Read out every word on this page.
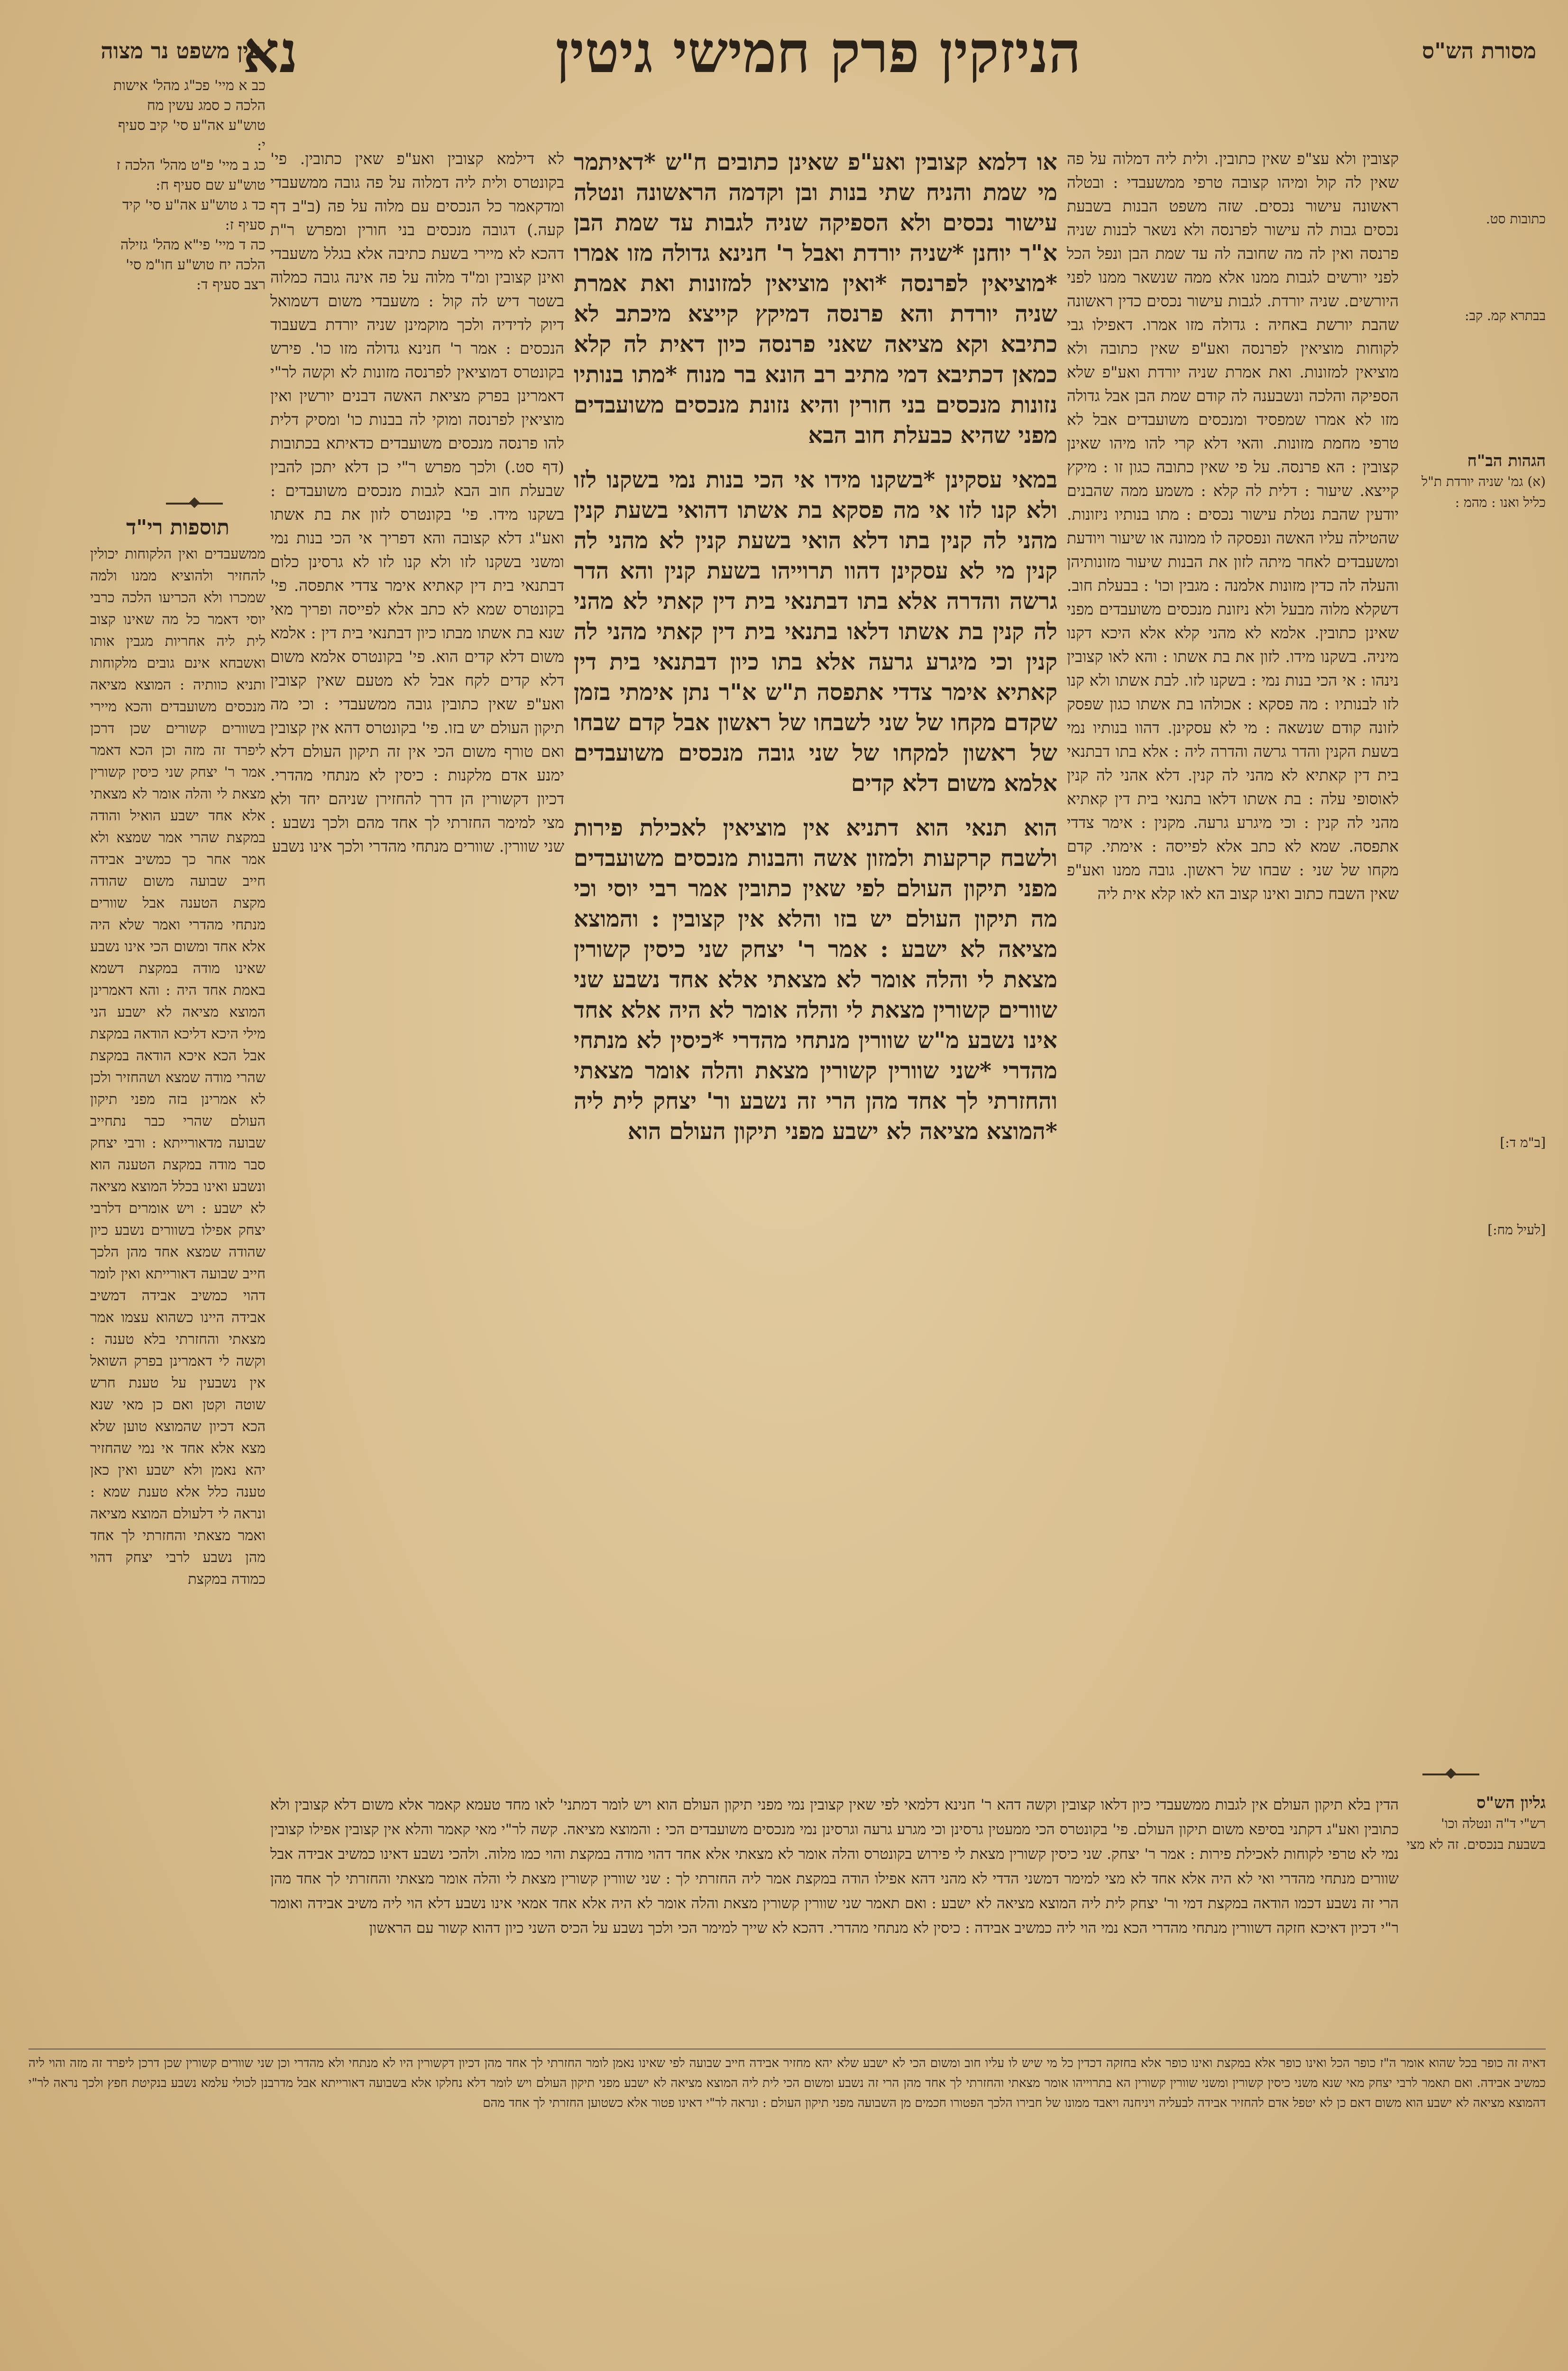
מסורת הש"ס
הניזקין פרק חמישי גיטין
נא
עין משפט נר מצוה
קצובין ולא עצ"פ שאין כתובין. ולית ליה דמלוה על פה שאין לה קול ומיהו קצובה טרפי ממשעבדי : ובטלה ראשונה עישור נכסים. שזה משפט הבנות בשבעת נכסים גבות לה עישור לפרנסה ולא נשאר לבנות שניה פרנסה ואין לה מה שחובה לה עד שמת הבן ונפל הכל לפני יורשים לגבות ממנו אלא ממה שנשאר ממנו לפני היורשים. שניה יורדת. לגבות עישור נכסים כדין ראשונה שהבת יורשת באחיה : גדולה מזו אמרו. דאפילו גבי לקוחות מוציאין לפרנסה ואע"פ שאין כתובה ולא מוציאין למזונות. ואת אמרת שניה יורדת ואע"פ שלא הספיקה והלכה ונשבענה לה קודם שמת הבן אבל גדולה מזו לא אמרו שמפסיד ומנכסים משועבדים אבל לא טרפי מחמת מזונות. והאי דלא קרי להו מיהו שאינן קצובין : הא פרנסה. על פי שאין כתובה כגון זו : מיקץ קייצא. שיעור : דלית לה קלא : משמע ממה שהבנים יודעין שהבת נטלת עישור נכסים : מתו בנותיו ניזונות. שהטילה עליו האשה ונפסקה לו ממונה או שיעור ויודעת ומשעבדים לאחר מיתה לזון את הבנות שיעור מזונותיהן והעלה לה כדין מזונות אלמנה : מגבין וכו' : בבעלת חוב. דשקלא מלוה מבעל ולא ניזונת מנכסים משועבדים מפני שאינן כתובין. אלמא לא מהני קלא אלא היכא דקנו מיניה. בשקנו מידו. לזון את בת אשתו : והא לאו קצובין נינהו : אי הכי בנות נמי : בשקנו לזו. לבת אשתו ולא קנו לזו לבנותיו : מה פסקא : אכולהו בת אשתו כגון שפסק לזונה קודם שנשאה : מי לא עסקינן. דהוו בנותיו נמי בשעת הקנין והדר גרשה והדרה ליה : אלא בתו דבתנאי בית דין קאתיא לא מהני לה קנין. דלא אהני לה קנין לאוסופי עלה : בת אשתו דלאו בתנאי בית דין קאתיא מהני לה קנין : וכי מיגרע גרעה. מקנין : אימר צדדי אתפסה. שמא לא כתב אלא לפייסה : אימתי. קדם מקחו של שני : שבחו של ראשון. גובה ממנו ואע"פ שאין השבח כתוב ואינו קצוב הא לאו קלא אית ליה
או דלמא קצובין ואע"פ שאינן כתובים ח"ש *דאיתמר מי שמת והניח שתי בנות ובן וקדמה הראשונה ונטלה עישור נכסים ולא הספיקה שניה לגבות עד שמת הבן א"ר יוחנן *שניה יורדת ואבל ר' חנינא גדולה מזו אמרו *מוציאין לפרנסה *ואין מוציאין למזונות ואת אמרת שניה יורדת והא פרנסה דמיקץ קייצא מיכתב לא כתיבא וקא מציאה שאני פרנסה כיון דאית לה קלא כמאן דכתיבא דמי מתיב רב הונא בר מנוח *מתו בנותיו נזונות מנכסים בני חורין והיא נזונת מנכסים משועבדים מפני שהיא כבעלת חוב הבא
במאי עסקינן *בשקנו מידו אי הכי בנות נמי בשקנו לזו ולא קנו לזו אי מה פסקא בת אשתו דהואי בשעת קנין מהני לה קנין בתו דלא הואי בשעת קנין לא מהני לה קנין מי לא עסקינן דהוו תרוייהו בשעת קנין והא הדר גרשה והדרה אלא בתו דבתנאי בית דין קאתי לא מהני לה קנין בת אשתו דלאו בתנאי בית דין קאתי מהני לה קנין וכי מיגרע גרעה אלא בתו כיון דבתנאי בית דין קאתיא אימר צדדי אתפסה ת"ש א"ר נתן אימתי בזמן שקדם מקחו של שני לשבחו של ראשון אבל קדם שבחו של ראשון למקחו של שני גובה מנכסים משועבדים אלמא משום דלא קדים
הוא תנאי הוא דתניא אין מוציאין לאכילת פירות ולשבח קרקעות ולמזון אשה והבנות מנכסים משועבדים מפני תיקון העולם לפי שאין כתובין אמר רבי יוסי וכי מה תיקון העולם יש בזו והלא אין קצובין : והמוצא מציאה לא ישבע : אמר ר' יצחק שני כיסין קשורין מצאת לי והלה אומר לא מצאתי אלא אחד נשבע שני שוורים קשורין מצאת לי והלה אומר לא היה אלא אחד אינו נשבע מ"ש שוורין מנתחי מהדרי *כיסין לא מנתחי מהדרי *שני שוורין קשורין מצאת והלה אומר מצאתי והחזרתי לך אחד מהן הרי זה נשבע ור' יצחק לית ליה *המוצא מציאה לא ישבע מפני תיקון העולם הוא
לא דילמא קצובין ואע"פ שאין כתובין. פי' בקונטרס ולית ליה דמלוה על פה גובה ממשעבדי ומדקאמר כל הנכסים עם מלוה על פה (ב"ב דף קעה.) דגובה מנכסים בני חורין ומפרש ר"ת דהכא לא מיירי בשעת כתיבה אלא בגלל משעבדי ואינן קצובין ומ"ד מלוה על פה אינה גובה כמלוה בשטר דיש לה קול : משעבדי משום דשמואל דיוק לדידיה ולכך מוקמינן שניה יורדת בשעבוד הנכסים : אמר ר' חנינא גדולה מזו כו'. פירש בקונטרס דמוציאין לפרנסה מזונות לא וקשה לר"י דאמרינן בפרק מציאת האשה דבנים יורשין ואין מוציאין לפרנסה ומוקי לה בבנות כו' ומסיק דלית להו פרנסה מנכסים משועבדים כדאיתא בכתובות (דף סט.) ולכך מפרש ר"י כן דלא יתכן להבין שבעלת חוב הבא לגבות מנכסים משועבדים : בשקנו מידו. פי' בקונטרס לזון את בת אשתו ואע"ג דלא קצובה והא דפריך אי הכי בנות נמי ומשני בשקנו לזו ולא קנו לזו לא גרסינן כלום דבתנאי בית דין קאתיא אימר צדדי אתפסה. פי' בקונטרס שמא לא כתב אלא לפייסה ופריך מאי שנא בת אשתו מבתו כיון דבתנאי בית דין : אלמא משום דלא קדים הוא. פי' בקונטרס אלמא משום דלא קדים לקח אבל לא מטעם שאין קצובין ואע"פ שאין כתובין גובה ממשעבדי : וכי מה תיקון העולם יש בזו. פי' בקונטרס דהא אין קצובין ואם טורף משום הכי אין זה תיקון העולם דלא ימנע אדם מלקנות : כיסין לא מנתחי מהדרי. דכיון דקשורין הן דרך להחזירן שניהם יחד ולא מצי למימר החזרתי לך אחד מהם ולכך נשבע : שני שוורין. שוורים מנתחי מהדרי ולכך אינו נשבע
הדין בלא תיקון העולם אין לגבות ממשעבדי כיון דלאו קצובין וקשה דהא ר' חנינא דלמאי לפי שאין קצובין נמי מפני תיקון העולם הוא ויש לומר דמתני' לאו מחד טעמא קאמר אלא משום דלא קצובין ולא כתובין ואע"ג דקתני בסיפא משום תיקון העולם. פי' בקונטרס הכי ממעטין גרסינן וכי מגרע גרעה וגרסינן נמי מנכסים משועבדים הכי : והמוצא מציאה. קשה לר"י מאי קאמר והלא אין קצובין אפילו קצובין נמי לא טרפי לקוחות לאכילת פירות : אמר ר' יצחק. שני כיסין קשורין מצאת לי פירוש בקונטרס והלה אומר לא מצאתי אלא אחד דהוי מודה במקצת והוי כמו מלוה. ולהכי נשבע דאינו כמשיב אבידה אבל שוורים מנתחי מהדרי ואי לא היה אלא אחד לא מצי למימר דמשני הדדי לא מהני דהא אפילו הודה במקצת אמר ליה החזרתי לך : שני שוורין קשורין מצאת לי והלה אומר מצאתי והחזרתי לך אחד מהן הרי זה נשבע דכמו הודאה במקצת דמי ור' יצחק לית ליה המוצא מציאה לא ישבע : ואם תאמר שני שוורין קשורין מצאת והלה אומר לא היה אלא אחד אמאי אינו נשבע דלא הוי ליה משיב אבידה ואומר ר"י דכיון דאיכא חזקה דשוורין מנתחי מהדרי הכא נמי הוי ליה כמשיב אבידה : כיסין לא מנתחי מהדרי. דהכא לא שייך למימר הכי ולכך נשבע על הכיס השני כיון דהוא קשור עם הראשון
דאיה זה כופר בכל שהוא אומר ה"ז כופר הכל ואינו כופר אלא במקצת ואינו כופר אלא בחזקה דכדין כל מי שיש לו עליו חוב ומשום הכי לא ישבע שלא יהא מחזיר אבידה חייב שבועה לפי שאינו נאמן לומר החזרתי לך אחד מהן דכיון דקשורין היו לא מנתחי ולא מהדרי וכן שני שוורים קשורין שכן דרכן ליפרד זה מזה והוי ליה כמשיב אבידה. ואם תאמר לרבי יצחק מאי שנא משני כיסין קשורין ומשני שוורין קשורין הא בתרוייהו אומר מצאתי והחזרתי לך אחד מהן הרי זה נשבע ומשום הכי לית ליה המוצא מציאה לא ישבע מפני תיקון העולם ויש לומר דלא נחלקו אלא בשבועה דאורייתא אבל מדרבנן לכולי עלמא נשבע בנקיטת חפץ ולכך נראה לר"י דהמוצא מציאה לא ישבע הוא משום דאם כן לא יטפל אדם להחזיר אבידה לבעליה ויניחנה ויאבד ממונו של חבירו הלכך הפטורו חכמים מן השבועה מפני תיקון העולם : ונראה לר"י דאינו פטור אלא כשטוען החזרתי לך אחד מהם
כב א מיי' פכ"ג מהל' אישות הלכה כ סמג עשין מח טוש"ע אה"ע סי' קיב סעיף י:
כג ב מיי' פ"ט מהל' הלכה ז טוש"ע שם סעיף ח:
כד ג טוש"ע אה"ע סי' קיד סעיף ז:
כה ד מיי' פי"א מהל' גזילה הלכה יח טוש"ע חו"מ סי' רצב סעיף ד:
תוספות רי"ד
ממשעבדים ואין הלקוחות יכולין להחזיר ולהוציא ממנו ולמה שמכרו ולא הכריעו הלכה כרבי יוסי דאמר כל מה שאינו קצוב לית ליה אחריות מגבין אותו ואשבחא אינם גובים מלקוחות ותניא כוותיה : המוצא מציאה מנכסים משועבדים והכא מיירי בשוורים קשורים שכן דרכן ליפרד זה מזה וכן הכא דאמר אמר ר' יצחק שני כיסין קשורין מצאת לי והלה אומר לא מצאתי אלא אחד ישבע הואיל והודה במקצת שהרי אמר שמצא ולא אמר אחר כך כמשיב אבידה חייב שבועה משום שהודה מקצת הטענה אבל שוורים מנתחי מהדרי ואמר שלא היה אלא אחד ומשום הכי אינו נשבע שאינו מודה במקצת דשמא באמת אחד היה : והא דאמרינן המוצא מציאה לא ישבע הני מילי היכא דליכא הודאה במקצת אבל הכא איכא הודאה במקצת שהרי מודה שמצא ושהחזיר ולכן לא אמרינן בזה מפני תיקון העולם שהרי כבר נתחייב שבועה מדאורייתא : ורבי יצחק סבר מודה במקצת הטענה הוא ונשבע ואינו בכלל המוצא מציאה לא ישבע : ויש אומרים דלרבי יצחק אפילו בשוורים נשבע כיון שהודה שמצא אחד מהן הלכך חייב שבועה דאורייתא ואין לומר דהוי כמשיב אבידה דמשיב אבידה היינו כשהוא עצמו אמר מצאתי והחזרתי בלא טענה : וקשה לי דאמרינן בפרק השואל אין נשבעין על טענת חרש שוטה וקטן ואם כן מאי שנא הכא דכיון שהמוצא טוען שלא מצא אלא אחד אי נמי שהחזיר יהא נאמן ולא ישבע ואין כאן טענה כלל אלא טענת שמא : ונראה לי דלעולם המוצא מציאה ואמר מצאתי והחזרתי לך אחד מהן נשבע לרבי יצחק דהוי כמודה במקצת
כתובות סט.
בבתרא קמ. קב:
[ב"מ ד:]
[לעיל מח:]
הגהות הב"ח
(א) גמ' שניה יורדת ת"ל כליל ואנו : מהמ :
גליון הש"ס
רש"י ד"ה ונטלה וכו' בשבעת בנכסים. זה לא מצי
